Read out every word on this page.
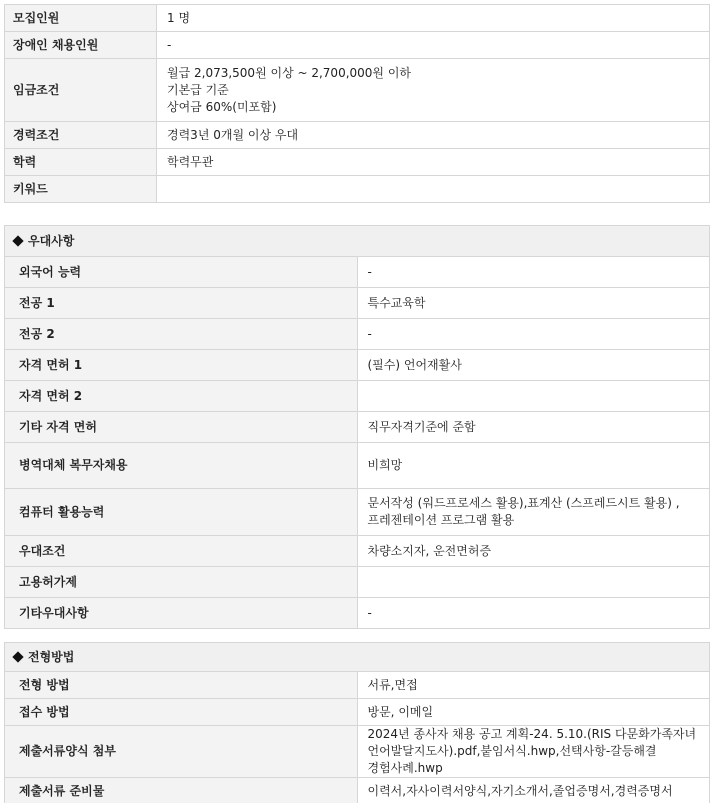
모집인원	1 명
장애인 채용인원	-
임금조건	월급 2,073,500원 이상 ~ 2,700,000원 이하
기본급 기준
상여금 60%(미포함)

경력조건	경력3년 0개월 이상 우대
학력	학력무관
키워드	
우대사항	
외국어 능력	-
전공 1	특수교육학
전공 2	-
자격 면허 1	(필수) 언어재활사
자격 면허 2	
기타 자격 면허	직무자격기준에 준함
병역대체 복무자채용	비희망
컴퓨터 활용능력	문서작성 (워드프로세스 활용),표계산 (스프레드시트 활용) ,프레젠테이션 프로그램 활용
우대조건	차량소지자, 운전면허증
고용허가제	
기타우대사항	-
전형방법	
전형 방법	서류,면접
접수 방법	방문, 이메일
제출서류양식 첨부	2024년 종사자 채용 공고 계획-24. 5.10.(RIS 다문화가족자녀 언어발달지도사).pdf,붙임서식.hwp,선택사항-갈등해결 경험사례.hwp
제출서류 준비물	이력서,자사이력서양식,자기소개서,졸업증명서,경력증명서
